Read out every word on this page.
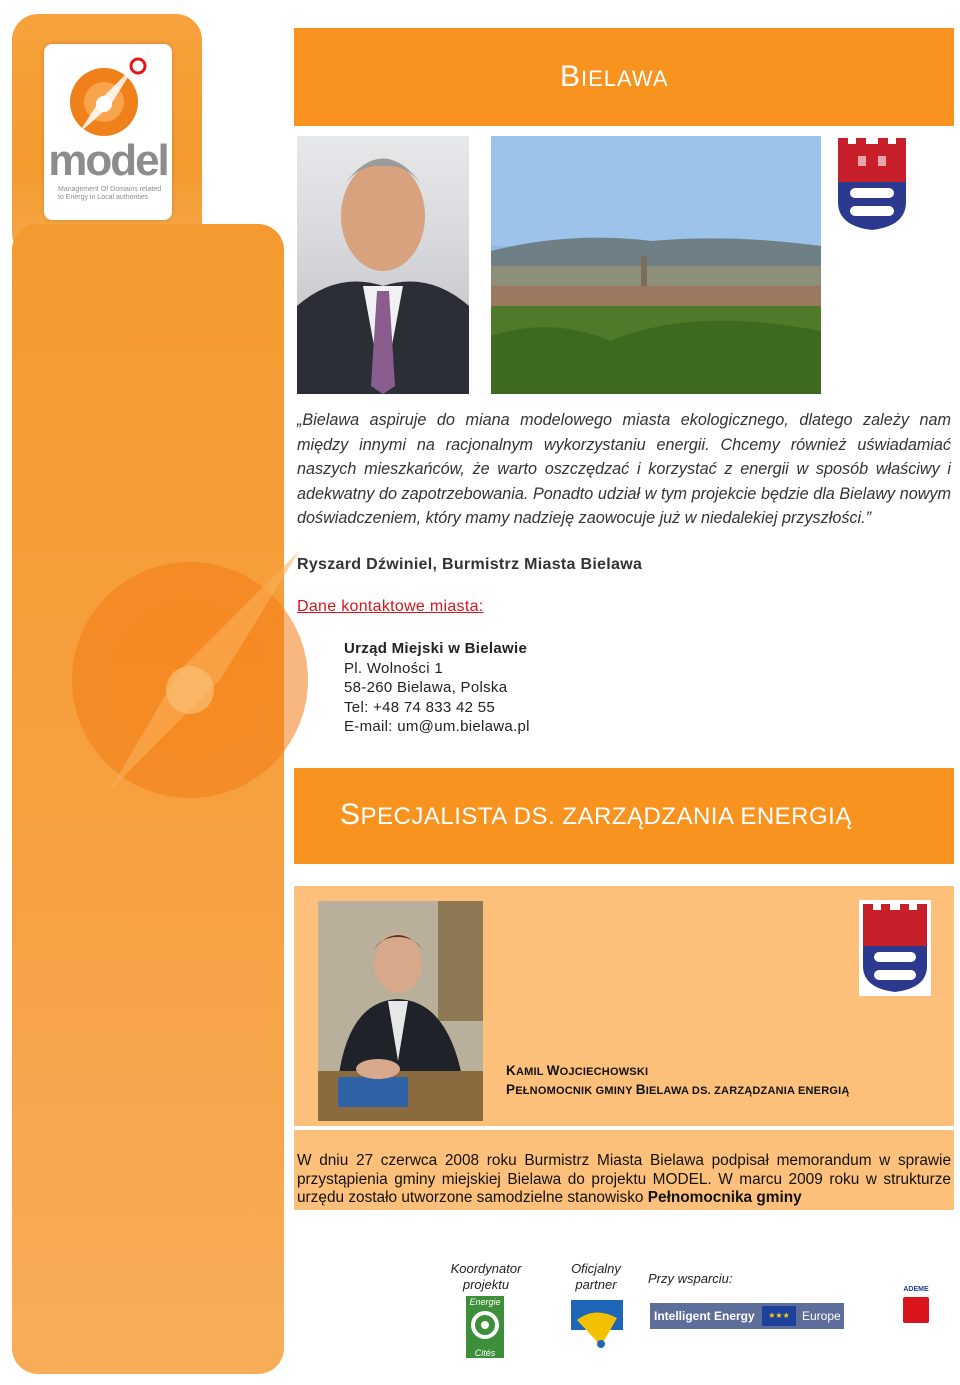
model
Management Of Domains related to Energy in Local authorities
BIELAWA
„Bielawa aspiruje do miana modelowego miasta ekologicznego, dlatego zależy nam między innymi na racjonalnym wykorzystaniu energii. Chcemy również uświadamiać naszych mieszkańców, że warto oszczędzać i korzystać z energii w sposób właściwy i adekwatny do zapotrzebowania. Ponadto udział w tym projekcie będzie dla Bielawy nowym doświadczeniem, który mamy nadzieję zaowocuje już w niedalekiej przyszłości.”
Ryszard Dźwiniel, Burmistrz Miasta Bielawa
Dane kontaktowe miasta:
Urząd Miejski w Bielawie
Pl. Wolności 1
58-260 Bielawa, Polska
Tel: +48 74 833 42 55
E-mail: um@um.bielawa.pl
SPECJALISTA DS. ZARZĄDZANIA ENERGIĄ
KAMIL WOJCIECHOWSKI
PEŁNOMOCNIK GMINY BIELAWA DS. ZARZĄDZANIA ENERGIĄ
W dniu 27 czerwca 2008 roku Burmistrz Miasta Bielawa podpisał memorandum w sprawie przystąpienia gminy miejskiej Bielawa do projektu MODEL. W marcu 2009 roku w strukturze urzędu zostało utworzone samodzielne stanowisko Pełnomocnika gminy
Koordynator projektu
Oficjalny partner	Przy wsparciu:
Energie
Cités
Intelligent Energy	★★★	Europe
ADEME
